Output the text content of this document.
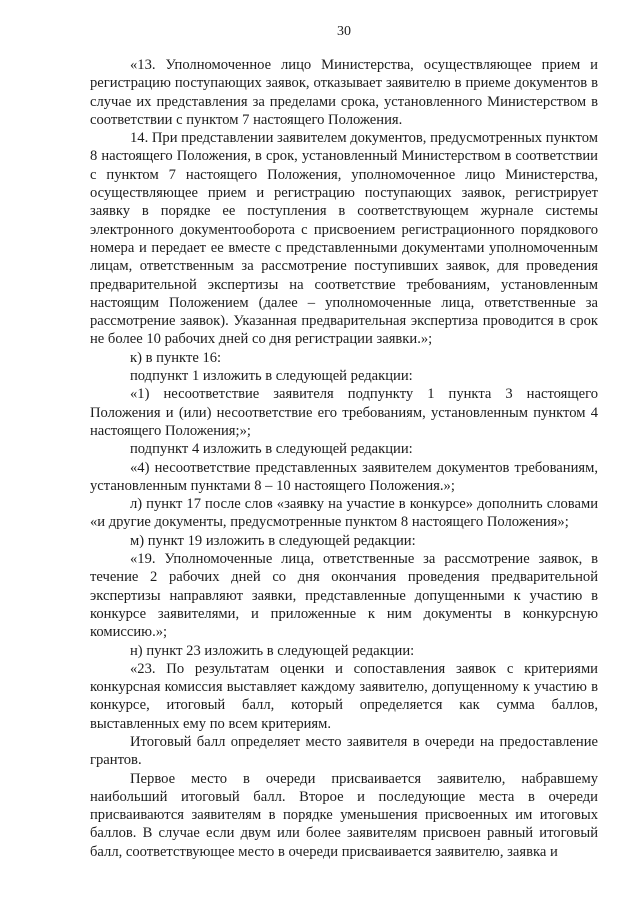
30

«13. Уполномоченное лицо Министерства, осуществляющее прием и регистрацию поступающих заявок, отказывает заявителю в приеме документов в случае их представления за пределами срока, установленного Министерством в соответствии с пунктом 7 настоящего Положения.

14. При представлении заявителем документов, предусмотренных пунктом 8 настоящего Положения, в срок, установленный Министерством в соответствии с пунктом 7 настоящего Положения, уполномоченное лицо Министерства, осуществляющее прием и регистрацию поступающих заявок, регистрирует заявку в порядке ее поступления в соответствующем журнале системы электронного документооборота с присвоением регистрационного порядкового номера и передает ее вместе с представленными документами уполномоченным лицам, ответственным за рассмотрение поступивших заявок, для проведения предварительной экспертизы на соответствие требованиям, установленным настоящим Положением (далее – уполномоченные лица, ответственные за рассмотрение заявок). Указанная предварительная экспертиза проводится в срок не более 10 рабочих дней со дня регистрации заявки.»;

к) в пункте 16:

подпункт 1 изложить в следующей редакции:

«1) несоответствие заявителя подпункту 1 пункта 3 настоящего Положения и (или) несоответствие его требованиям, установленным пунктом 4 настоящего Положения;»;

подпункт 4 изложить в следующей редакции:

«4) несоответствие представленных заявителем документов требованиям, установленным пунктами 8 – 10 настоящего Положения.»;

л) пункт 17 после слов «заявку на участие в конкурсе» дополнить словами «и другие документы, предусмотренные пунктом 8 настоящего Положения»;

м) пункт 19 изложить в следующей редакции:

«19. Уполномоченные лица, ответственные за рассмотрение заявок, в течение 2 рабочих дней со дня окончания проведения предварительной экспертизы направляют заявки, представленные допущенными к участию в конкурсе заявителями, и приложенные к ним документы в конкурсную комиссию.»;

н) пункт 23 изложить в следующей редакции:

«23. По результатам оценки и сопоставления заявок с критериями конкурсная комиссия выставляет каждому заявителю, допущенному к участию в конкурсе, итоговый балл, который определяется как сумма баллов, выставленных ему по всем критериям.

Итоговый балл определяет место заявителя в очереди на предоставление грантов.

Первое место в очереди присваивается заявителю, набравшему наибольший итоговый балл. Второе и последующие места в очереди присваиваются заявителям в порядке уменьшения присвоенных им итоговых баллов. В случае если двум или более заявителям присвоен равный итоговый балл, соответствующее место в очереди присваивается заявителю, заявка и
